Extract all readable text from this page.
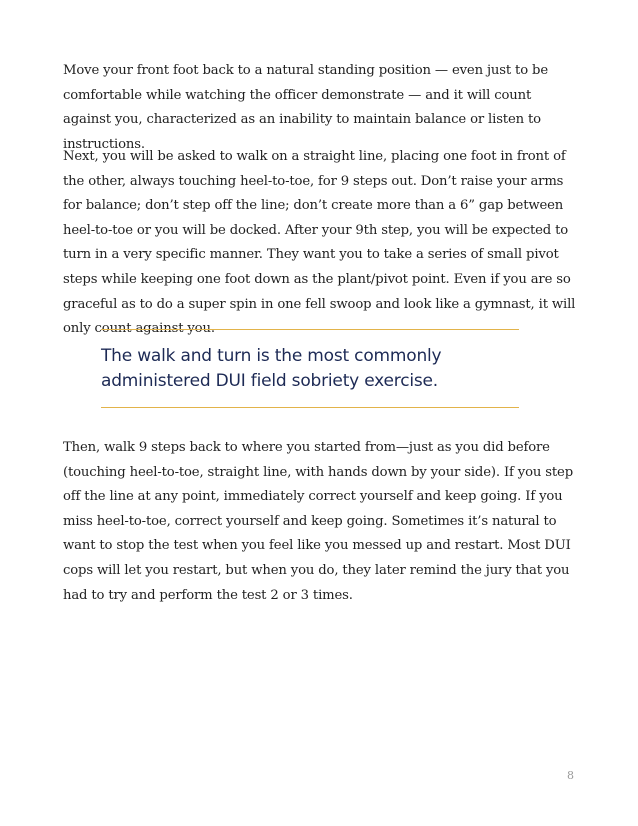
Move your front foot back to a natural standing position — even just to be comfortable while watching the officer demonstrate — and it will count against you, characterized as an inability to maintain balance or listen to instructions.

Next, you will be asked to walk on a straight line, placing one foot in front of the other, always touching heel-to-toe, for 9 steps out. Don’t raise your arms for balance; don’t step off the line; don’t create more than a 6” gap between heel-to-toe or you will be docked. After your 9th step, you will be expected to turn in a very specific manner. They want you to take a series of small pivot steps while keeping one foot down as the plant/pivot point. Even if you are so graceful as to do a super spin in one fell swoop and look like a gymnast, it will only count against you.

The walk and turn is the most commonly administered DUI field sobriety exercise.

Then, walk 9 steps back to where you started from—just as you did before (touching heel-to-toe, straight line, with hands down by your side). If you step off the line at any point, immediately correct yourself and keep going. If you miss heel-to-toe, correct yourself and keep going. Sometimes it’s natural to want to stop the test when you feel like you messed up and restart. Most DUI cops will let you restart, but when you do, they later remind the jury that you had to try and perform the test 2 or 3 times.

8
